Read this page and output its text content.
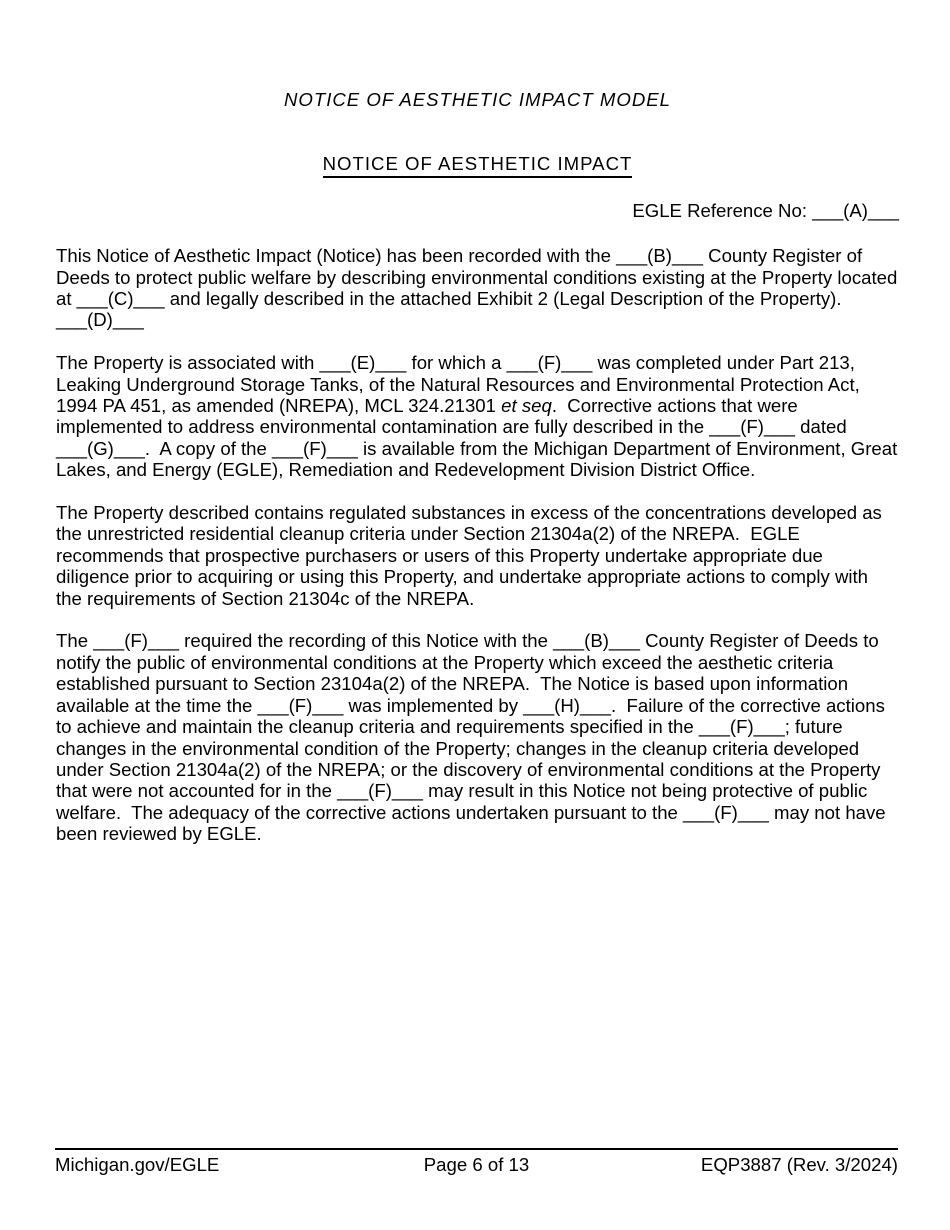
NOTICE OF AESTHETIC IMPACT MODEL
NOTICE OF AESTHETIC IMPACT
EGLE Reference No: ___(A)___

This Notice of Aesthetic Impact (Notice) has been recorded with the ___(B)___ County Register of Deeds to protect public welfare by describing environmental conditions existing at the Property located at ___(C)___ and legally described in the attached Exhibit 2 (Legal Description of the Property).  ___(D)___

The Property is associated with ___(E)___ for which a ___(F)___ was completed under Part 213, Leaking Underground Storage Tanks, of the Natural Resources and Environmental Protection Act, 1994 PA 451, as amended (NREPA), MCL 324.21301 et seq.  Corrective actions that were implemented to address environmental contamination are fully described in the ___(F)___ dated ___(G)___.  A copy of the ___(F)___ is available from the Michigan Department of Environment, Great Lakes, and Energy (EGLE), Remediation and Redevelopment Division District Office.

The Property described contains regulated substances in excess of the concentrations developed as the unrestricted residential cleanup criteria under Section 21304a(2) of the NREPA.  EGLE recommends that prospective purchasers or users of this Property undertake appropriate due diligence prior to acquiring or using this Property, and undertake appropriate actions to comply with the requirements of Section 21304c of the NREPA.

The ___(F)___ required the recording of this Notice with the ___(B)___ County Register of Deeds to notify the public of environmental conditions at the Property which exceed the aesthetic criteria established pursuant to Section 23104a(2) of the NREPA.  The Notice is based upon information available at the time the ___(F)___ was implemented by ___(H)___.  Failure of the corrective actions to achieve and maintain the cleanup criteria and requirements specified in the ___(F)___; future changes in the environmental condition of the Property; changes in the cleanup criteria developed under Section 21304a(2) of the NREPA; or the discovery of environmental conditions at the Property that were not accounted for in the ___(F)___ may result in this Notice not being protective of public welfare.  The adequacy of the corrective actions undertaken pursuant to the ___(F)___ may not have been reviewed by EGLE.

Michigan.gov/EGLE	Page 6 of 13	EQP3887 (Rev. 3/2024)
